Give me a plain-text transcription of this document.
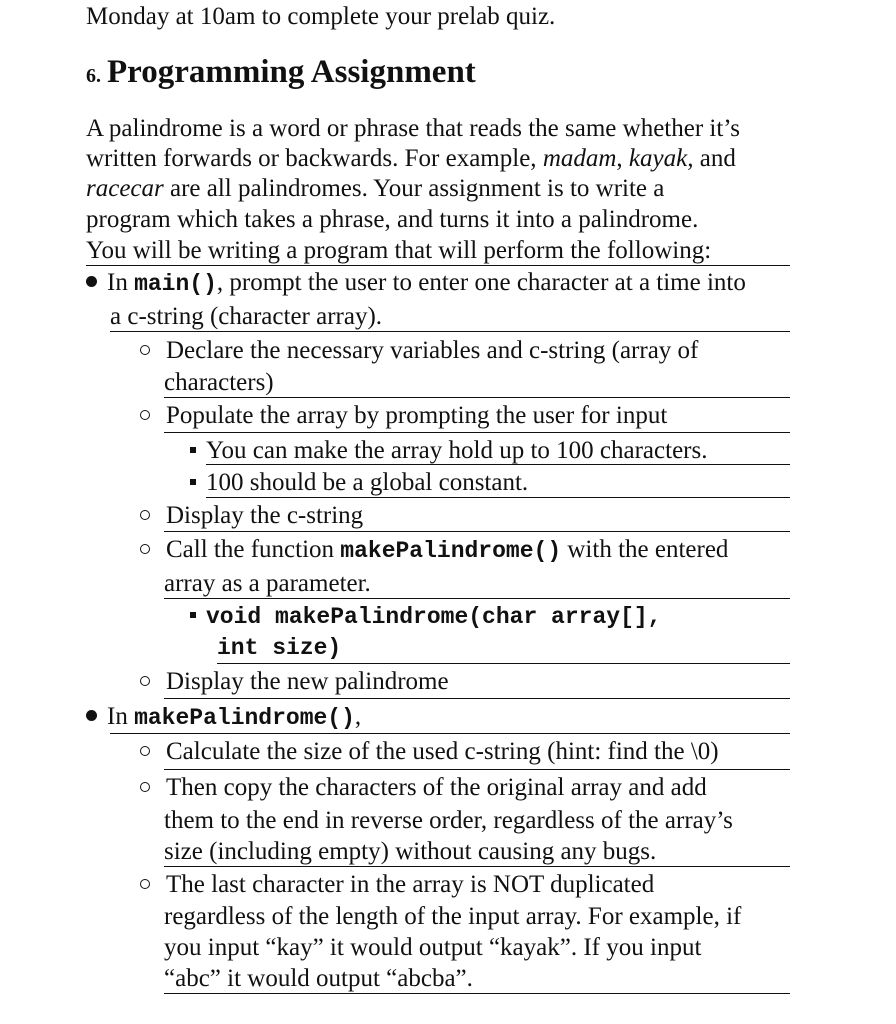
Monday at 10am to complete your prelab quiz.
6. Programming Assignment
A palindrome is a word or phrase that reads the same whether it’s
written forwards or backwards. For example, madam, kayak, and
racecar are all palindromes. Your assignment is to write a
program which takes a phrase, and turns it into a palindrome.
You will be writing a program that will perform the following:
In main(), prompt the user to enter one character at a time into
a c-string (character array).
Declare the necessary variables and c-string (array of
characters)
Populate the array by prompting the user for input
You can make the array hold up to 100 characters.
100 should be a global constant.
Display the c-string
Call the function makePalindrome() with the entered
array as a parameter.
void makePalindrome(char array[],
int size)
Display the new palindrome
In makePalindrome(),
Calculate the size of the used c-string (hint: find the \0)
Then copy the characters of the original array and add
them to the end in reverse order, regardless of the array’s
size (including empty) without causing any bugs.
The last character in the array is NOT duplicated
regardless of the length of the input array. For example, if
you input “kay” it would output “kayak”. If you input
“abc” it would output “abcba”.
